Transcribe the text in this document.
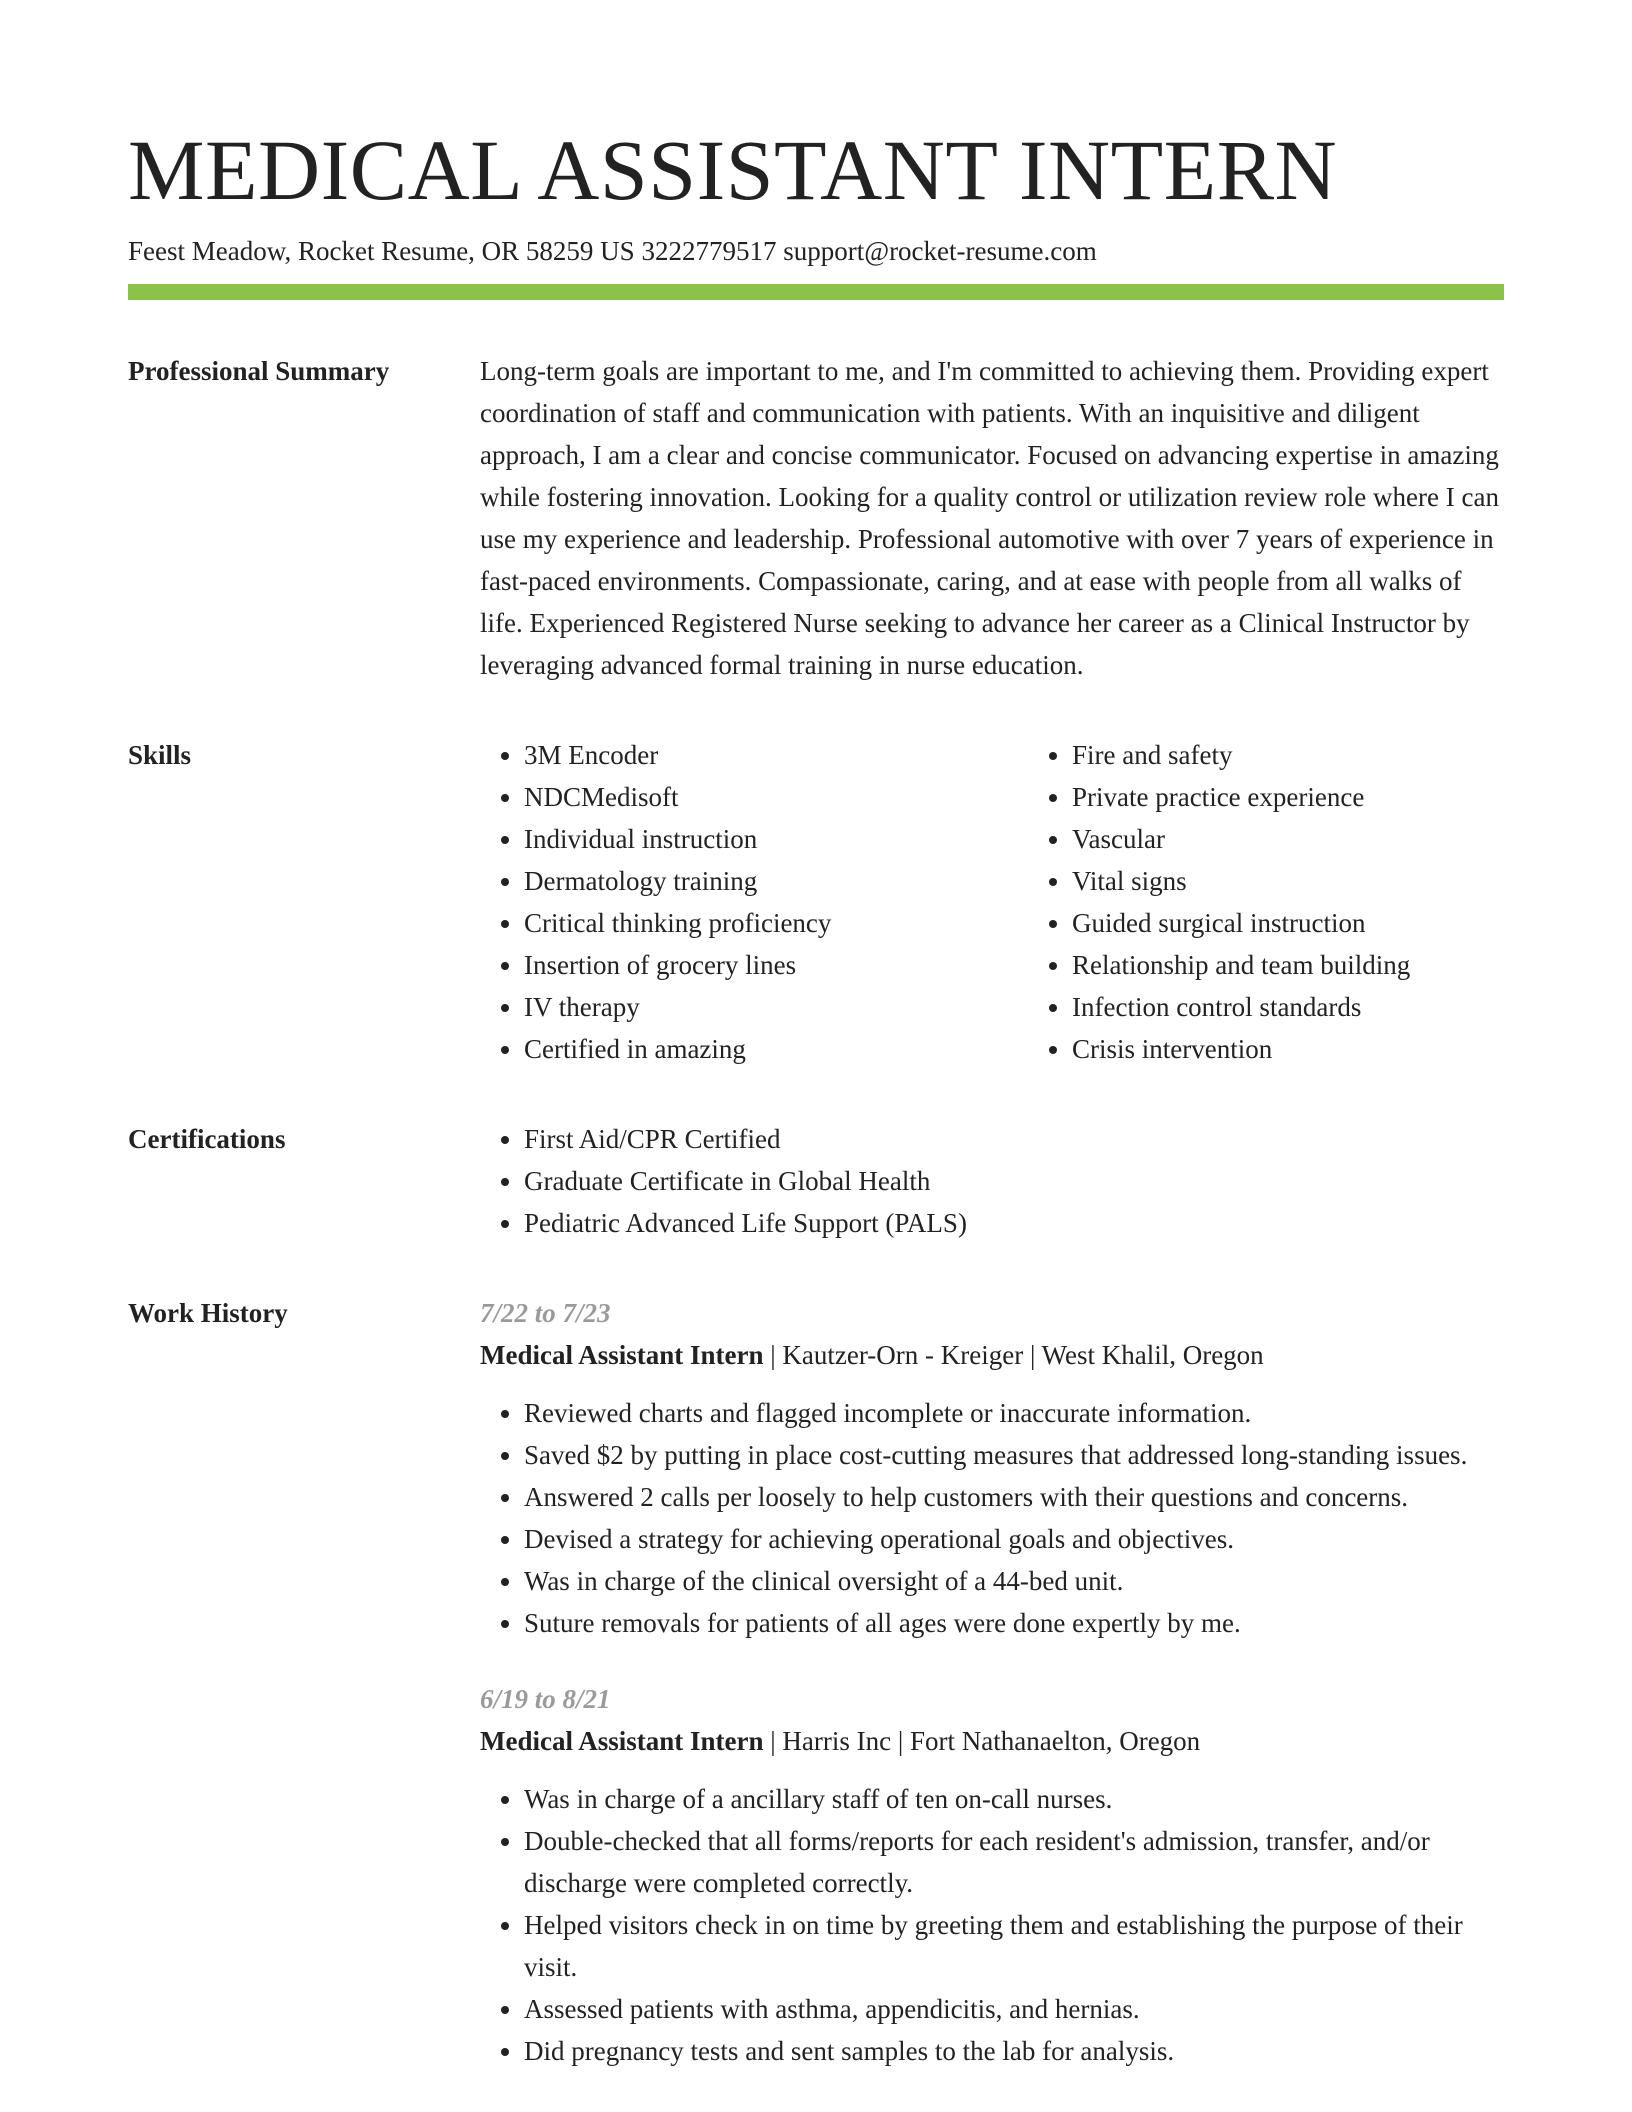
MEDICAL ASSISTANT INTERN
Feest Meadow, Rocket Resume, OR 58259 US 3222779517 support@rocket-resume.com
Professional Summary	Long-term goals are important to me, and I'm committed to achieving them. Providing expert coordination of staff and communication with patients. With an inquisitive and diligent approach, I am a clear and concise communicator. Focused on advancing expertise in amazing while fostering innovation. Looking for a quality control or utilization review role where I can use my experience and leadership. Professional automotive with over 7 years of experience in fast-paced environments. Compassionate, caring, and at ease with people from all walks of life. Experienced Registered Nurse seeking to advance her career as a Clinical Instructor by leveraging advanced formal training in nurse education.

Skills	• 3M Encoder
• NDCMedisoft
• Individual instruction
• Dermatology training
• Critical thinking proficiency
• Insertion of grocery lines
• IV therapy
• Certified in amazing
• Fire and safety
• Private practice experience
• Vascular
• Vital signs
• Guided surgical instruction
• Relationship and team building
• Infection control standards
• Crisis intervention
Certifications	• First Aid/CPR Certified
• Graduate Certificate in Global Health
• Pediatric Advanced Life Support (PALS)
Work History	7/22 to 7/23
Medical Assistant Intern | Kautzer-Orn - Kreiger | West Khalil, Oregon
• Reviewed charts and flagged incomplete or inaccurate information.
• Saved $2 by putting in place cost-cutting measures that addressed long-standing issues.
• Answered 2 calls per loosely to help customers with their questions and concerns.
• Devised a strategy for achieving operational goals and objectives.
• Was in charge of the clinical oversight of a 44-bed unit.
• Suture removals for patients of all ages were done expertly by me.
6/19 to 8/21
Medical Assistant Intern | Harris Inc | Fort Nathanaelton, Oregon
• Was in charge of a ancillary staff of ten on-call nurses.
• Double-checked that all forms/reports for each resident's admission, transfer, and/or discharge were completed correctly.
• Helped visitors check in on time by greeting them and establishing the purpose of their visit.
• Assessed patients with asthma, appendicitis, and hernias.
• Did pregnancy tests and sent samples to the lab for analysis.
